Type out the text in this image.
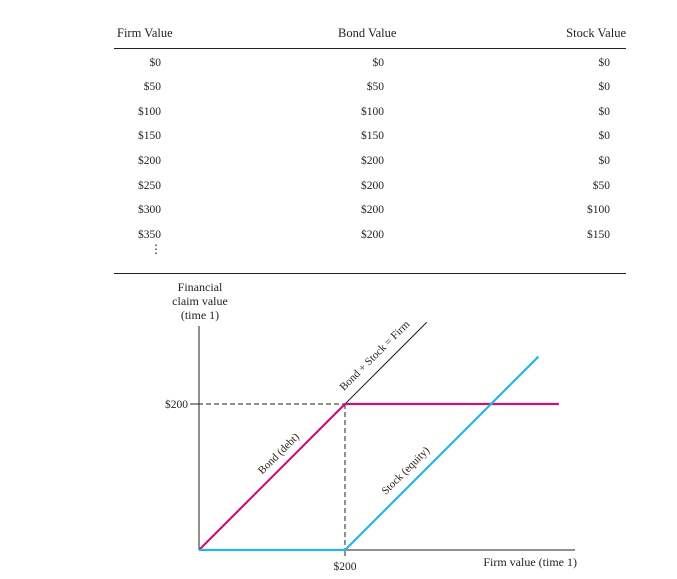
Firm Value	Bond Value	Stock Value
$0	$0	$0
$50	$50	$0
$100	$100	$0
$150	$150	$0
$200	$200	$0
$250	$200	$50
$300	$200	$100
$350	$200	$150
⋮
Financial
claim value
(time 1)
$200
$200	Firm value (time 1)
Bond (debt)	Stock (equity)
Bond + Stock = Firm
